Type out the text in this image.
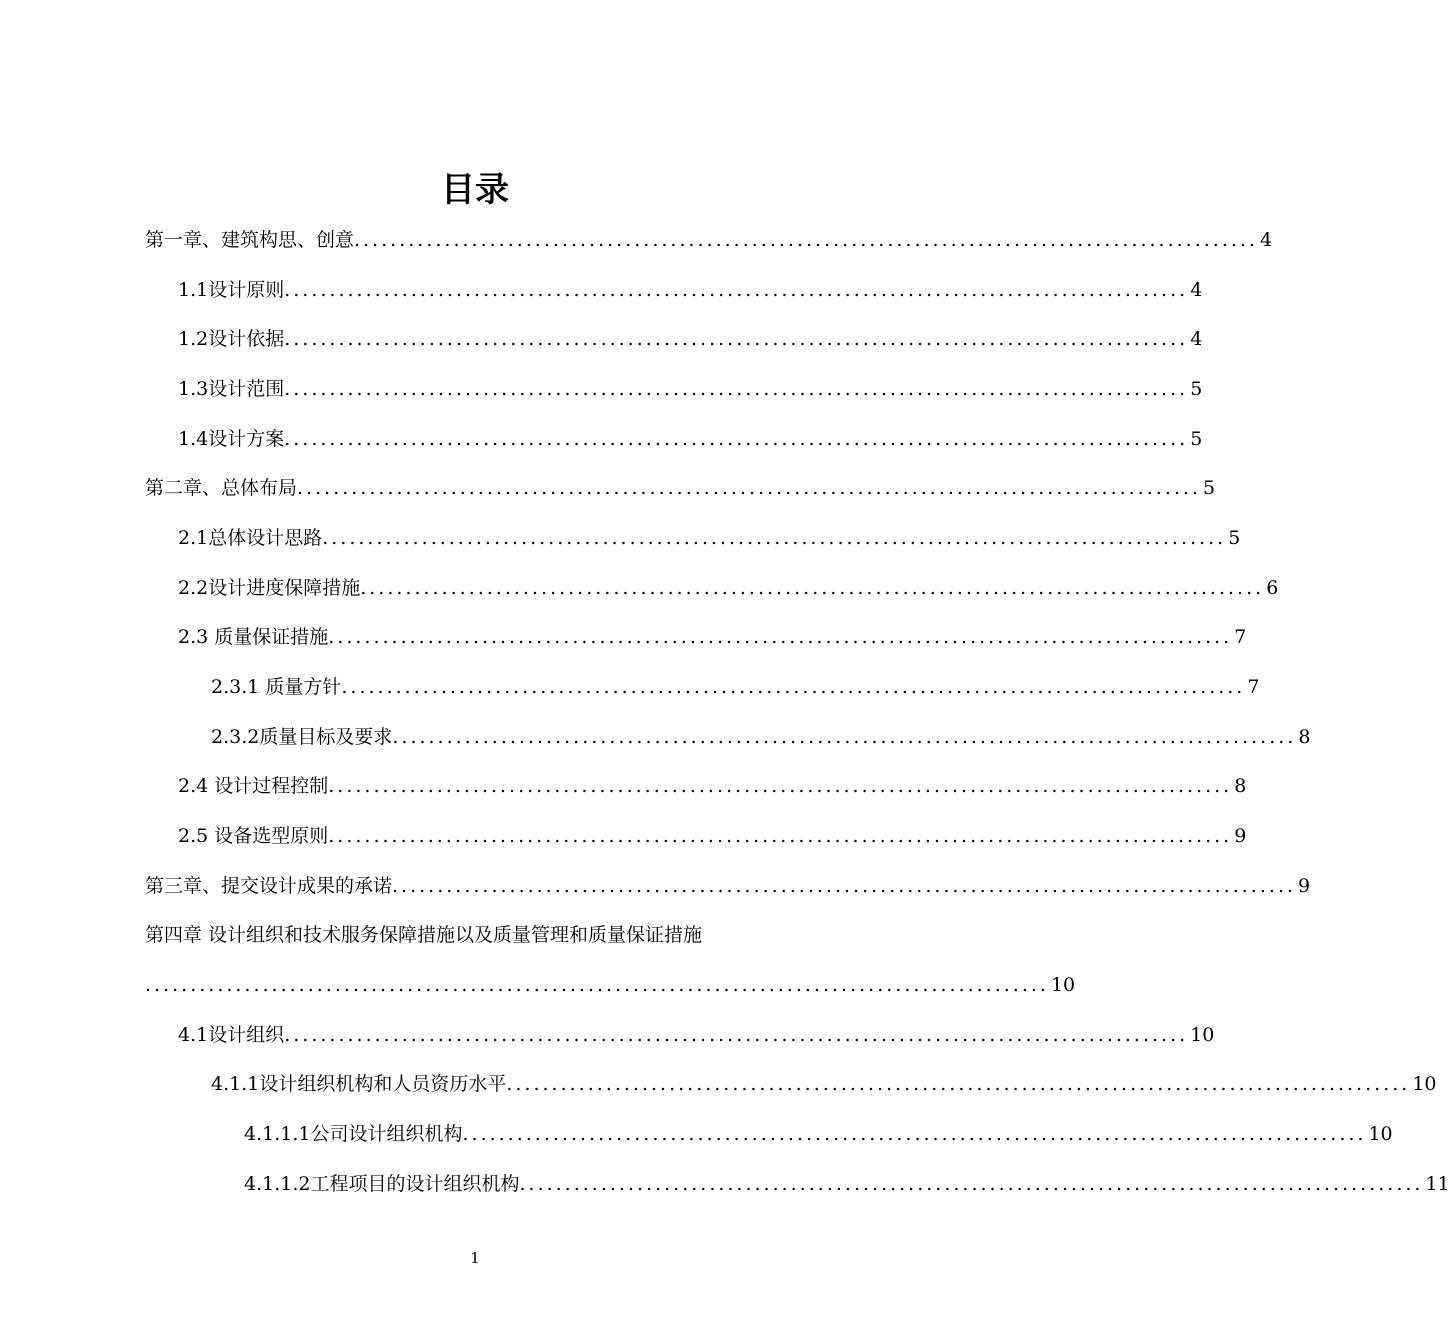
目录
第一章、建筑构思、创意 .................................................................................................... 4
1.1设计原则 .................................................................................................... 4
1.2设计依据 .................................................................................................... 4
1.3设计范围 .................................................................................................... 5
1.4设计方案 .................................................................................................... 5
第二章、总体布局 .................................................................................................... 5
2.1总体设计思路 .................................................................................................... 5
2.2设计进度保障措施 .................................................................................................... 6
2.3 质量保证措施 .................................................................................................... 7
2.3.1 质量方针 .................................................................................................... 7
2.3.2质量目标及要求 .................................................................................................... 8
2.4 设计过程控制 .................................................................................................... 8
2.5 设备选型原则 .................................................................................................... 9
第三章、提交设计成果的承诺 .................................................................................................... 9
第四章 设计组织和技术服务保障措施以及质量管理和质量保证措施
.................................................................................................... 10
4.1设计组织 .................................................................................................... 10
4.1.1设计组织机构和人员资历水平 .................................................................................................... 10
4.1.1.1公司设计组织机构 .................................................................................................... 10
4.1.1.2工程项目的设计组织机构 .................................................................................................... 11
1
